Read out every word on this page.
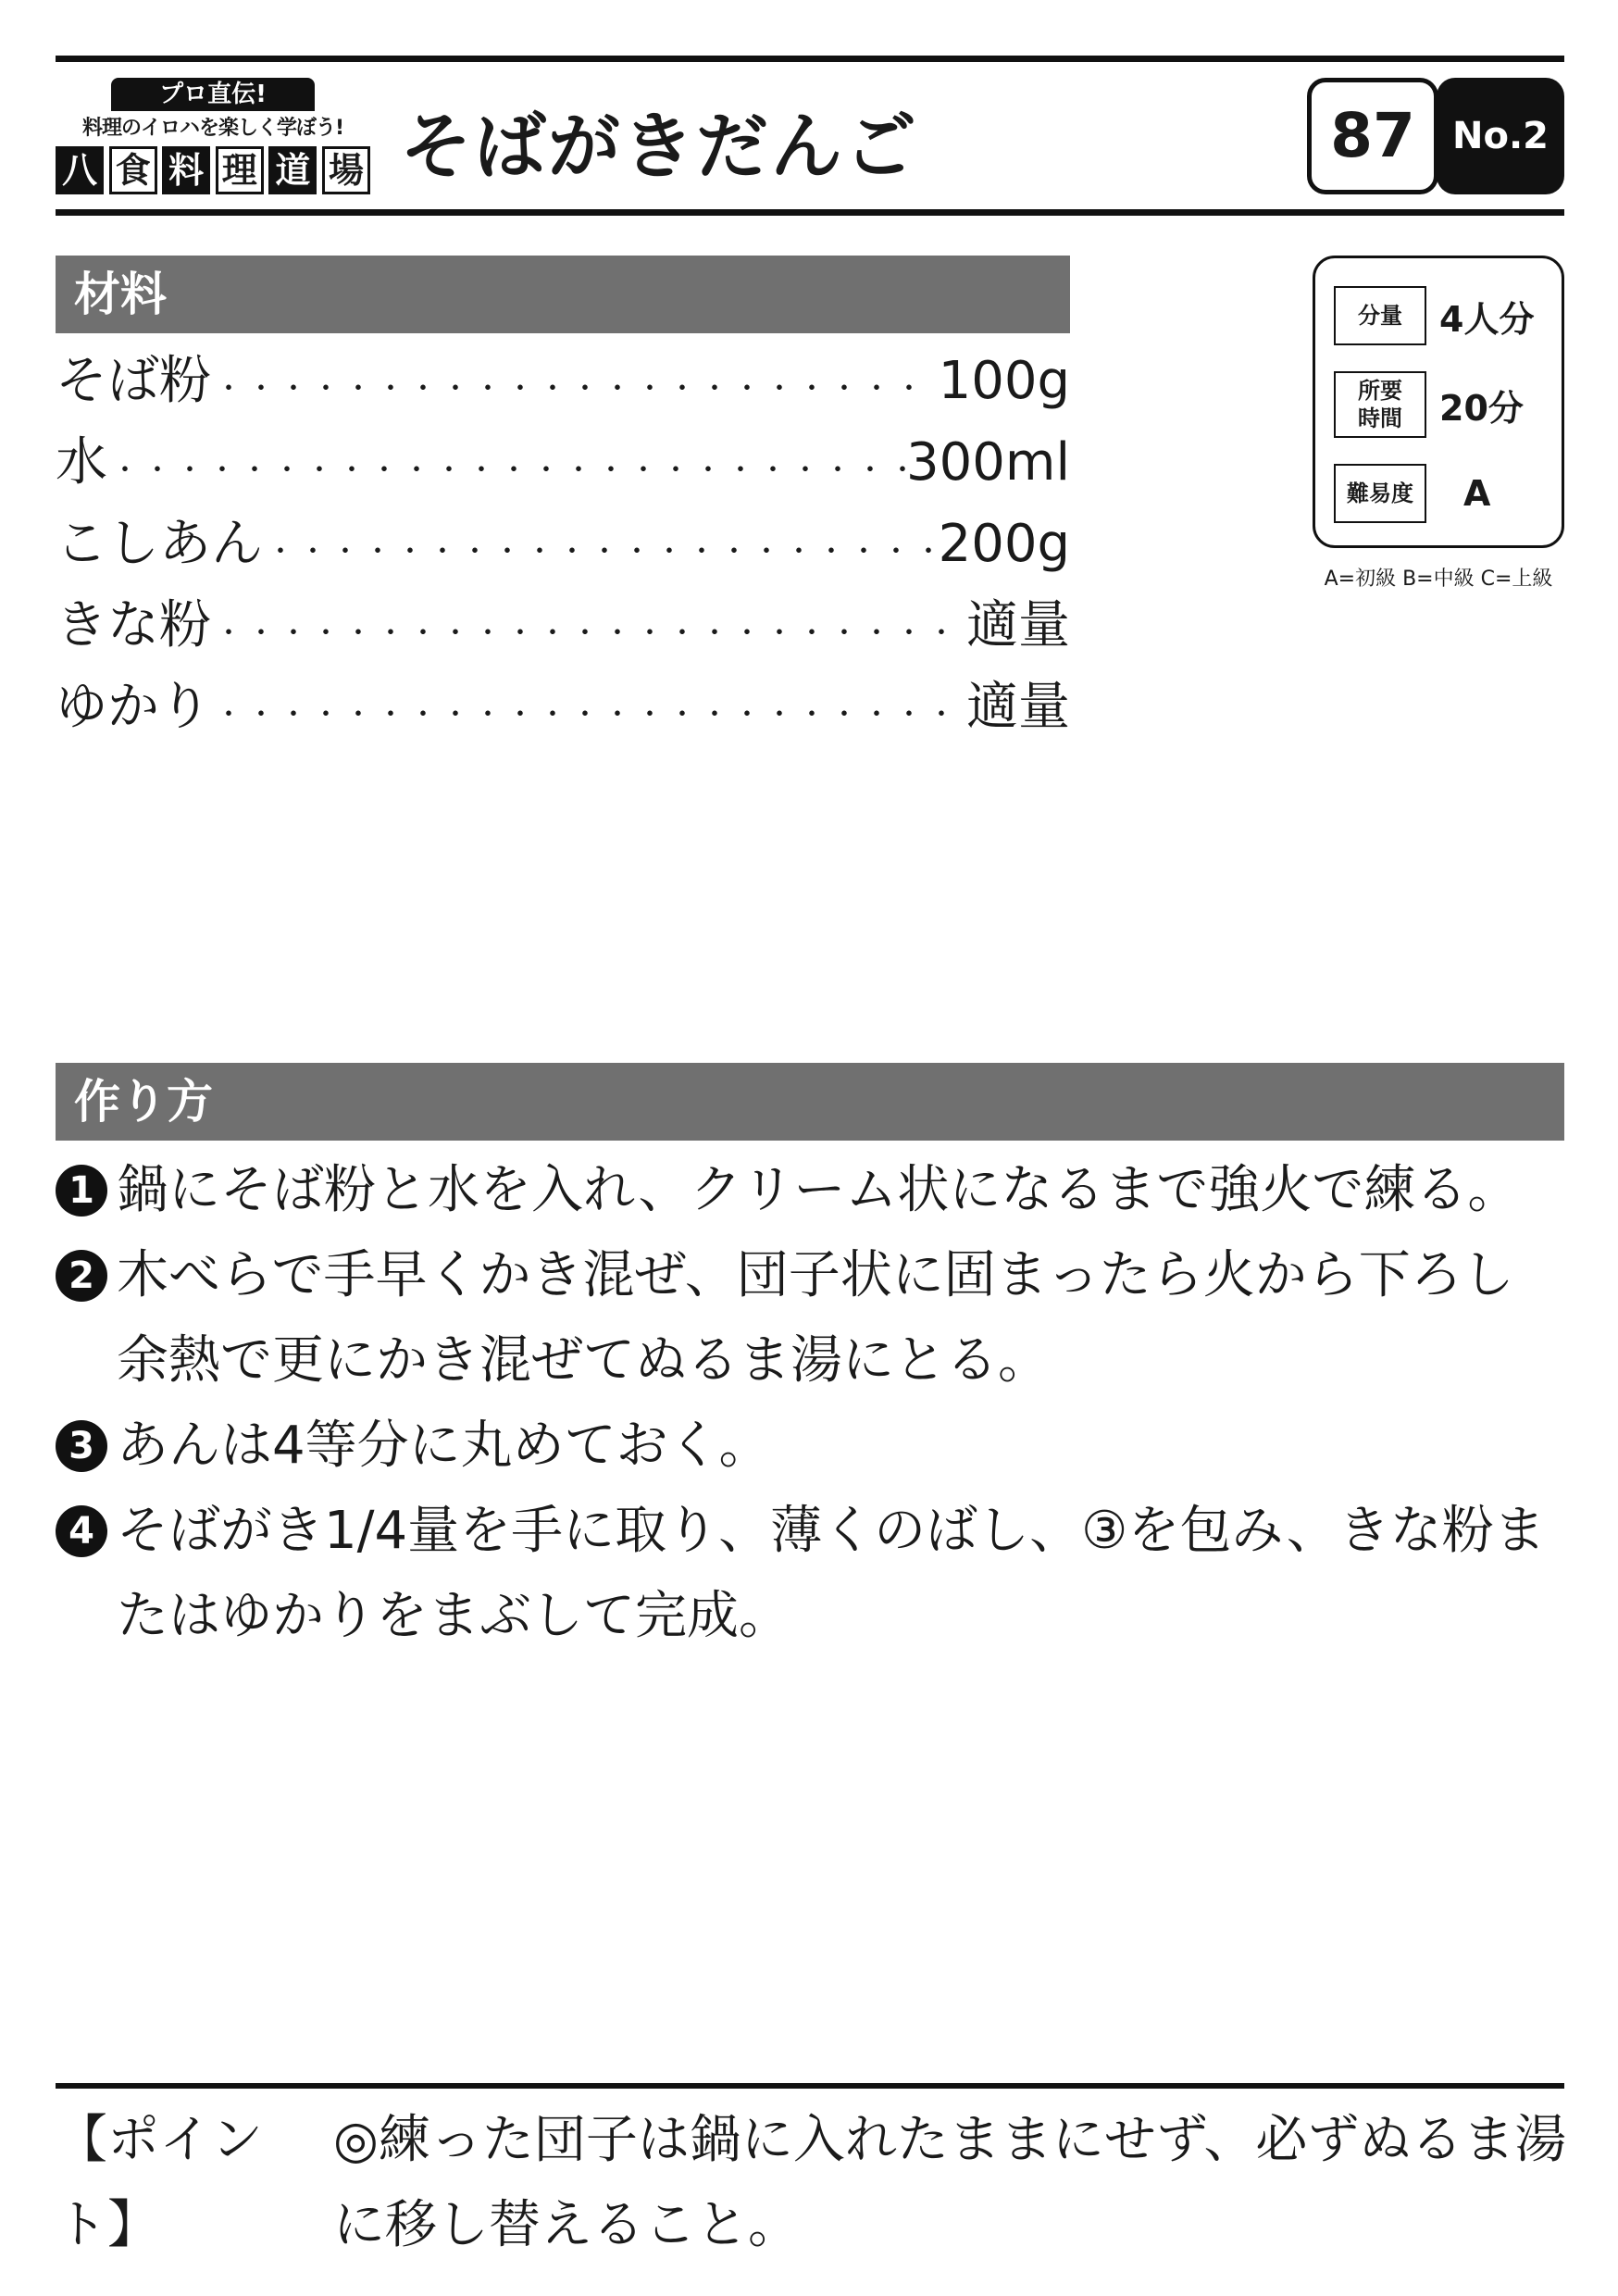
プロ直伝!
料理のイロハを楽しく学ぼう!
八 食 料 理 道 場 そばがきだんご	87	No.2
材料
そば粉 ・・・・・・・・・・・・・・・・・・・・・・・・・・・・・・・・・・・・・・・・・・・・・・・・	100g
水 ・・・・・・・・・・・・・・・・・・・・・・・・・・・・・・・・・・・・・・・・・・・・・・・・	300ml
こしあん ・・・・・・・・・・・・・・・・・・・・・・・・・・・・・・・・・・・・・・・・・・・・・・・・	200g
きな粉 ・・・・・・・・・・・・・・・・・・・・・・・・・・・・・・・・・・・・・・・・・・・・・・・・	適量
ゆかり ・・・・・・・・・・・・・・・・・・・・・・・・・・・・・・・・・・・・・・・・・・・・・・・・	適量
分量	4人分
所要
時間	20分
難易度	A
A=初級 B=中級 C=上級
作り方
1 鍋にそば粉と水を入れ、クリーム状になるまで強火で練る。
2 木べらで手早くかき混ぜ、団子状に固まったら火から下ろし余熱で更にかき混ぜてぬるま湯にとる。
3 あんは4等分に丸めておく。
4 そばがき1/4量を手に取り、薄くのばし、③を包み、きな粉またはゆかりをまぶして完成。
【ポイント】
◎練った団子は鍋に入れたままにせず、必ずぬるま湯に移し替えること。
